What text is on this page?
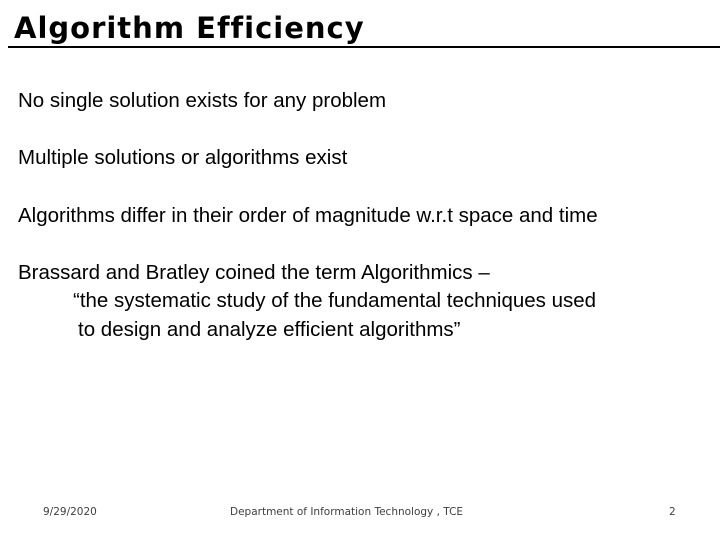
Algorithm Efficiency
No single solution exists for any problem
Multiple solutions or algorithms exist
Algorithms differ in their order of magnitude w.r.t space and time
Brassard and Bratley coined the term Algorithmics –
“the systematic study of the fundamental techniques used
to design and analyze efficient algorithms”
9/29/2020	Department of Information Technology , TCE	2
